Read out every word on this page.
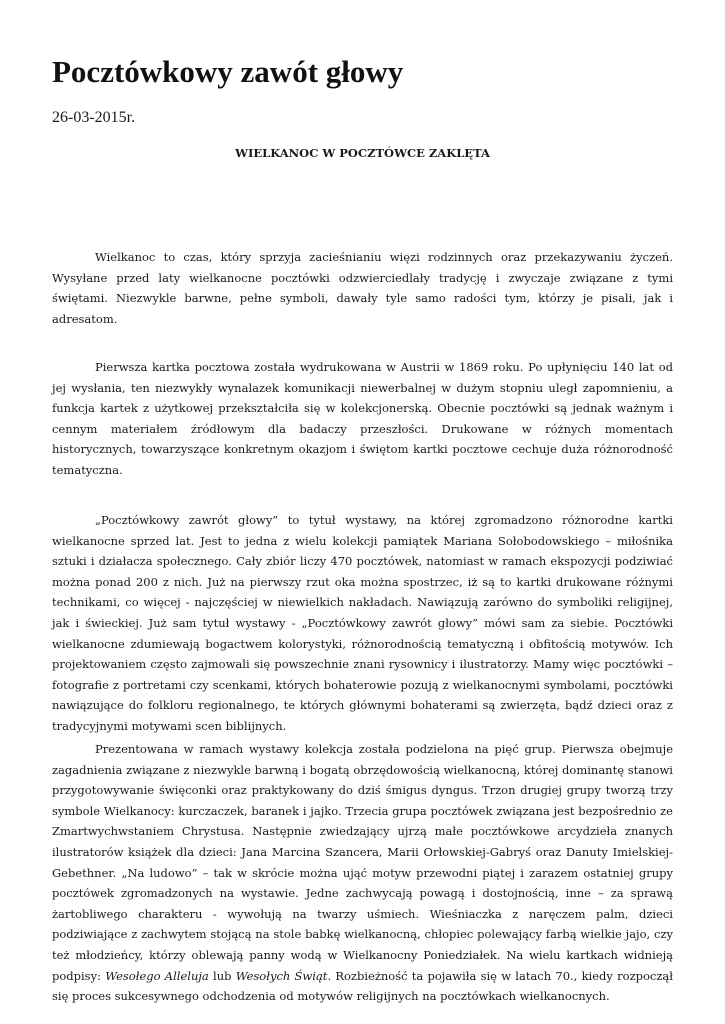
Pocztówkowy zawót głowy
26-03-2015r.
WIELKANOC W POCZTÓWCE ZAKLĘTA

Wielkanoc to czas, który sprzyja zacieśnianiu więzi rodzinnych oraz przekazywaniu życzeń. Wysyłane przed laty wielkanocne pocztówki odzwierciedlały tradycję i zwyczaje związane z tymi świętami. Niezwykle barwne, pełne symboli, dawały tyle samo radości tym, którzy je pisali, jak i adresatom.

Pierwsza kartka pocztowa została wydrukowana w Austrii w 1869 roku. Po upłynięciu 140 lat od jej wysłania, ten niezwykły wynalazek komunikacji niewerbalnej w dużym stopniu uległ zapomnieniu, a funkcja kartek z użytkowej przekształciła się w kolekcjonerską. Obecnie pocztówki są jednak ważnym i cennym materiałem źródłowym dla badaczy przeszłości. Drukowane w różnych momentach historycznych, towarzyszące konkretnym okazjom i świętom kartki pocztowe cechuje duża różnorodność tematyczna.

„Pocztówkowy zawrót głowy” to tytuł wystawy, na której zgromadzono różnorodne kartki wielkanocne sprzed lat. Jest to jedna z wielu kolekcji pamiątek Mariana Sołobodowskiego – miłośnika sztuki i działacza społecznego. Cały zbiór liczy 470 pocztówek, natomiast w ramach ekspozycji podziwiać można ponad 200 z nich. Już na pierwszy rzut oka można spostrzec, iż są to kartki drukowane różnymi technikami, co więcej - najczęściej w niewielkich nakładach. Nawiązują zarówno do symboliki religijnej, jak i świeckiej. Już sam tytuł wystawy - „Pocztówkowy zawrót głowy” mówi sam za siebie. Pocztówki wielkanocne zdumiewają bogactwem kolorystyki, różnorodnością tematyczną i obfitością motywów. Ich projektowaniem często zajmowali się powszechnie znani rysownicy i ilustratorzy. Mamy więc pocztówki – fotografie z portretami czy scenkami, których bohaterowie pozują z wielkanocnymi symbolami, pocztówki nawiązujące do folkloru regionalnego, te których głównymi bohaterami są zwierzęta, bądź dzieci oraz z tradycyjnymi motywami scen biblijnych.

Prezentowana w ramach wystawy kolekcja została podzielona na pięć grup. Pierwsza obejmuje zagadnienia związane z niezwykle barwną i bogatą obrzędowością wielkanocną, której dominantę stanowi przygotowywanie święconki oraz praktykowany do dziś śmigus dyngus. Trzon drugiej grupy tworzą trzy symbole Wielkanocy: kurczaczek, baranek i jajko. Trzecia grupa pocztówek związana jest bezpośrednio ze Zmartwychwstaniem Chrystusa. Następnie zwiedzający ujrzą małe pocztówkowe arcydzieła znanych ilustratorów książek dla dzieci: Jana Marcina Szancera, Marii Orłowskiej-Gabryś oraz Danuty Imielskiej-Gebethner. „Na ludowo” – tak w skrócie można ująć motyw przewodni piątej i zarazem ostatniej grupy pocztówek zgromadzonych na wystawie. Jedne zachwycają powagą i dostojnością, inne – za sprawą żartobliwego charakteru - wywołują na twarzy uśmiech. Wieśniaczka z naręczem palm, dzieci podziwiające z zachwytem stojącą na stole babkę wielkanocną, chłopiec polewający farbą wielkie jajo, czy też młodzieńcy, którzy oblewają panny wodą w Wielkanocny Poniedziałek. Na wielu kartkach widnieją podpisy: Wesołego Alleluja lub Wesołych Świąt. Rozbieżność ta pojawiła się w latach 70., kiedy rozpoczął się proces sukcesywnego odchodzenia od motywów religijnych na pocztówkach wielkanocnych.
